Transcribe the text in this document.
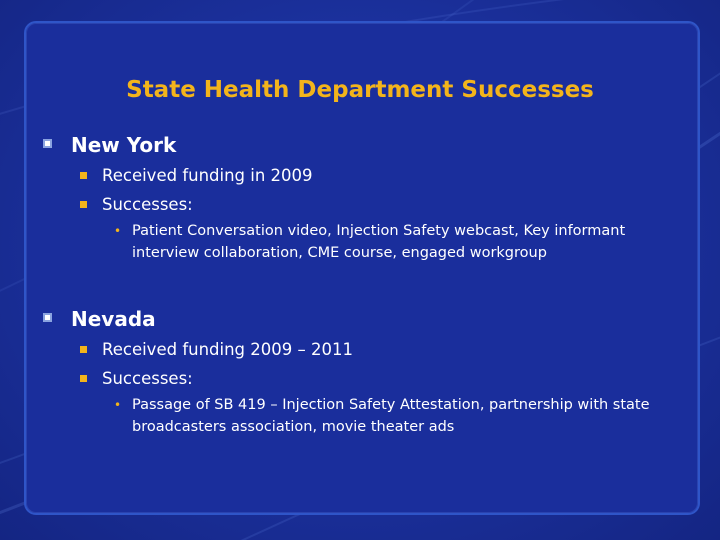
State Health Department Successes
New York
Received funding in 2009
Successes:
• Patient Conversation video, Injection Safety webcast, Key informant interview collaboration, CME course, engaged workgroup
Nevada
Received funding 2009 – 2011
Successes:
• Passage of SB 419 – Injection Safety Attestation, partnership with state broadcasters association, movie theater ads
